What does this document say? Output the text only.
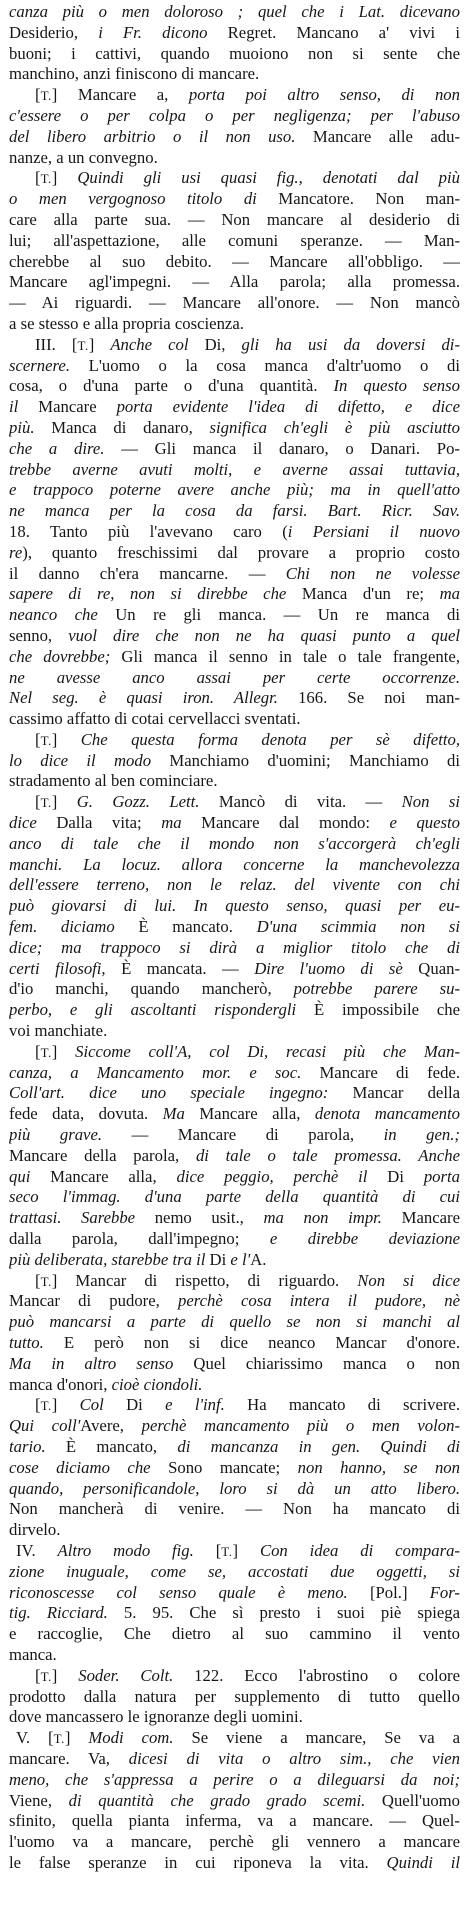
canza più o men doloroso ; quel che i Lat. dicevano
Desiderio, i Fr. dicono Regret. Mancano a' vivi i
buoni; i cattivi, quando muoiono non si sente che
manchino, anzi finiscono di mancare.
[T.] Mancare a, porta poi altro senso, di non
c'essere o per colpa o per negligenza; per l'abuso
del libero arbitrio o il non uso. Mancare alle adu-
nanze, a un convegno.
[T.] Quindi gli usi quasi fig., denotati dal più
o men vergognoso titolo di Mancatore. Non man-
care alla parte sua. — Non mancare al desiderio di
lui; all'aspettazione, alle comuni speranze. — Man-
cherebbe al suo debito. — Mancare all'obbligo. —
Mancare agl'impegni. — Alla parola; alla promessa.
— Ai riguardi. — Mancare all'onore. — Non mancò
a se stesso e alla propria coscienza.
III. [T.] Anche col Di, gli ha usi da doversi di-
scernere. L'uomo o la cosa manca d'altr'uomo o di
cosa, o d'una parte o d'una quantità. In questo senso
il Mancare porta evidente l'idea di difetto, e dice
più. Manca di danaro, significa ch'egli è più asciutto
che a dire. — Gli manca il danaro, o Danari. Po-
trebbe averne avuti molti, e averne assai tuttavia,
e trappoco poterne avere anche più; ma in quell'atto
ne manca per la cosa da farsi. Bart. Ricr. Sav.
18. Tanto più l'avevano caro (i Persiani il nuovo
re), quanto freschissimi dal provare a proprio costo
il danno ch'era mancarne. — Chi non ne volesse
sapere di re, non si direbbe che Manca d'un re; ma
neanco che Un re gli manca. — Un re manca di
senno, vuol dire che non ne ha quasi punto a quel
che dovrebbe; Gli manca il senno in tale o tale frangente,
ne avesse anco assai per certe occorrenze.
Nel seg. è quasi iron. Allegr. 166. Se noi man-
cassimo affatto di cotai cervellacci sventati.
[T.] Che questa forma denota per sè difetto,
lo dice il modo Manchiamo d'uomini; Manchiamo di
stradamento al ben cominciare.
[T.] G. Gozz. Lett. Mancò di vita. — Non si
dice Dalla vita; ma Mancare dal mondo: e questo
anco di tale che il mondo non s'accorgerà ch'egli
manchi. La locuz. allora concerne la manchevolezza
dell'essere terreno, non le relaz. del vivente con chi
può giovarsi di lui. In questo senso, quasi per eu-
fem. diciamo È mancato. D'una scimmia non si
dice; ma trappoco si dirà a miglior titolo che di
certi filosofi, È mancata. — Dire l'uomo di sè Quan-
d'io manchi, quando mancherò, potrebbe parere su-
perbo, e gli ascoltanti rispondergli È impossibile che
voi manchiate.
[T.] Siccome coll'A, col Di, recasi più che Man-
canza, a Mancamento mor. e soc. Mancare di fede.
Coll'art. dice uno speciale ingegno: Mancar della
fede data, dovuta. Ma Mancare alla, denota mancamento
più grave. — Mancare di parola, in gen.;
Mancare della parola, di tale o tale promessa. Anche
qui Mancare alla, dice peggio, perchè il Di porta
seco l'immag. d'una parte della quantità di cui
trattasi. Sarebbe nemo usit., ma non impr. Mancare
dalla parola, dall'impegno; e direbbe deviazione
più deliberata, starebbe tra il Di e l'A.
[T.] Mancar di rispetto, di riguardo. Non si dice
Mancar di pudore, perchè cosa intera il pudore, nè
può mancarsi a parte di quello se non si manchi al
tutto. E però non si dice neanco Mancar d'onore.
Ma in altro senso Quel chiarissimo manca o non
manca d'onori, cioè ciondoli.
[T.] Col Di e l'inf. Ha mancato di scrivere.
Qui coll'Avere, perchè mancamento più o men volon-
tario. È mancato, di mancanza in gen. Quindi di
cose diciamo che Sono mancate; non hanno, se non
quando, personificandole, loro si dà un atto libero.
Non mancherà di venire. — Non ha mancato di
dirvelo.
IV. Altro modo fig. [T.] Con idea di compara-
zione inuguale, come se, accostati due oggetti, si
riconoscesse col senso quale è meno. [Pol.] For-
tig. Ricciard. 5. 95. Che sì presto i suoi piè spiega
e raccoglie, Che dietro al suo cammino il vento
manca.
[T.] Soder. Colt. 122. Ecco l'abrostino o colore
prodotto dalla natura per supplemento di tutto quello
dove mancassero le ignoranze degli uomini.
V. [T.] Modi com. Se viene a mancare, Se va a
mancare. Va, dicesi di vita o altro sim., che vien
meno, che s'appressa a perire o a dileguarsi da noi;
Viene, di quantità che grado grado scemi. Quell'uomo
sfinito, quella pianta inferma, va a mancare. — Quel-
l'uomo va a mancare, perchè gli vennero a mancare
le false speranze in cui riponeva la vita. Quindi il
